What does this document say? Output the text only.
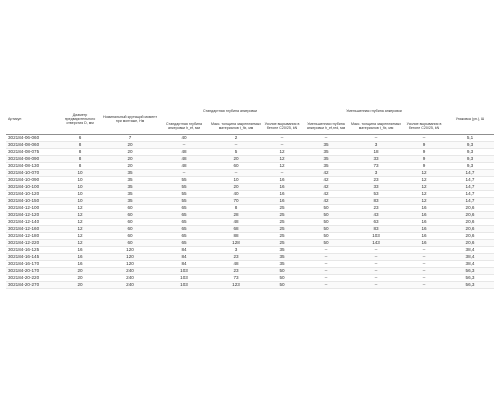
Артикул	Диаметр предварительного отверстия D, мм	Номинальный крутящий момент при монтаже, Нм	Стандартная глубина анкеровки			Уменьшенная глубина анкеровки			Упаковка (уп.), Ш
			Стандартная глубина анкеровки h_ef, мм	Макс. толщина закрепляемых материалов t_fix, мм	Усилие вырывания в бетоне C20/25, kN	Уменьшенная глубина анкеровки h_ef,red, мм	Макс. толщина закрепляемых материалов t_fix, мм	Усилие вырывания в бетоне C20/25, kN	

302184-06-060	6	7	40	2	–	–	–	–	5,1
302184-08-060	8	20	–	–	–	35	3	9	9,3
302184-08-075	8	20	48	5	12	35	18	9	9,3
302184-08-090	8	20	48	20	12	35	33	9	9,3
302184-08-130	8	20	48	60	12	35	73	9	9,3
302184-10-070	10	35	–	–	–	42	3	12	14,7
302184-10-090	10	35	55	10	16	42	23	12	14,7
302184-10-100	10	35	55	20	16	42	33	12	14,7
302184-10-120	10	35	55	40	16	42	53	12	14,7
302184-10-150	10	35	55	70	16	42	83	12	14,7
302184-12-100	12	60	65	8	25	50	23	16	20,6
302184-12-120	12	60	65	28	25	50	43	16	20,6
302184-12-140	12	60	65	48	25	50	63	16	20,6
302184-12-160	12	60	65	68	25	50	83	16	20,6
302184-12-180	12	60	65	88	25	50	103	16	20,6
302184-12-220	12	60	65	128	25	50	143	16	20,6
302184-16-125	16	120	84	3	35	–	–	–	38,4
302184-16-145	16	120	84	23	35	–	–	–	38,4
302184-16-170	16	120	84	48	35	–	–	–	38,4
302184-20-170	20	240	103	23	50	–	–	–	56,3
302184-20-220	20	240	103	73	50	–	–	–	56,3
302184-20-270	20	240	103	123	50	–	–	–	56,3
